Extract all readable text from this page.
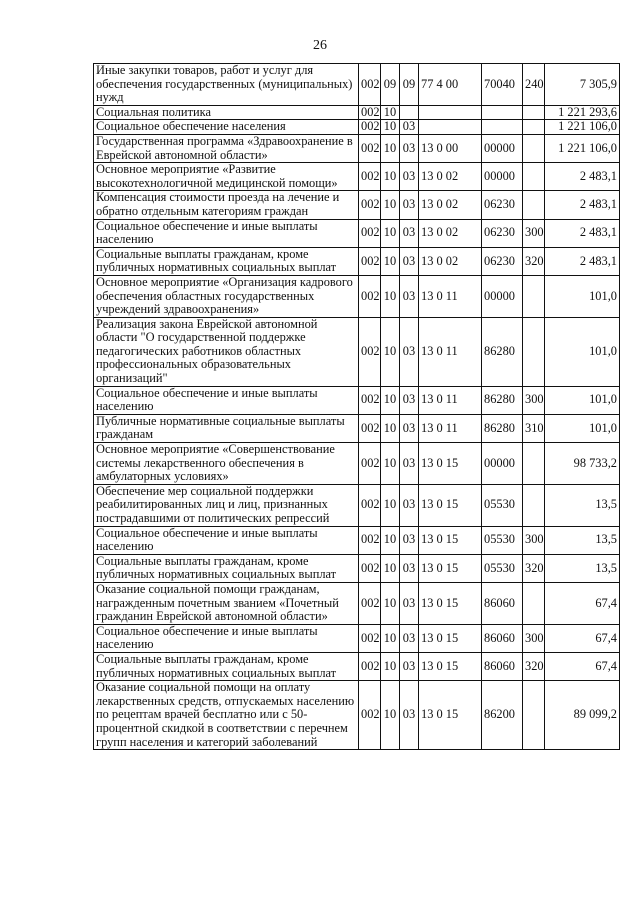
26
Иные закупки товаров, работ и услуг для обеспечения государственных (муниципальных) нужд	002	09	09	77 4 00	70040	240	7 305,9
Социальная политика	002	10					1 221 293,6
Социальное обеспечение населения	002	10	03				1 221 106,0
Государственная программа «Здравоохранение в Еврейской автономной области»	002	10	03	13 0 00	00000		1 221 106,0
Основное мероприятие «Развитие высокотехнологичной медицинской помощи»	002	10	03	13 0 02	00000		2 483,1
Компенсация стоимости проезда на лечение и обратно отдельным категориям граждан	002	10	03	13 0 02	06230		2 483,1
Социальное обеспечение и иные выплаты населению	002	10	03	13 0 02	06230	300	2 483,1
Социальные выплаты гражданам, кроме публичных нормативных социальных выплат	002	10	03	13 0 02	06230	320	2 483,1
Основное мероприятие «Организация кадрового обеспечения областных государственных учреждений здравоохранения»	002	10	03	13 0 11	00000		101,0
Реализация закона Еврейской автономной области "О государственной поддержке педагогических работников областных профессиональных образовательных организаций"	002	10	03	13 0 11	86280		101,0
Социальное обеспечение и иные выплаты населению	002	10	03	13 0 11	86280	300	101,0
Публичные нормативные социальные выплаты гражданам	002	10	03	13 0 11	86280	310	101,0
Основное мероприятие «Совершенствование системы лекарственного обеспечения в амбулаторных условиях»	002	10	03	13 0 15	00000		98 733,2
Обеспечение мер социальной поддержки реабилитированных лиц и лиц, признанных пострадавшими от политических репрессий	002	10	03	13 0 15	05530		13,5
Социальное обеспечение и иные выплаты населению	002	10	03	13 0 15	05530	300	13,5
Социальные выплаты гражданам, кроме публичных нормативных социальных выплат	002	10	03	13 0 15	05530	320	13,5
Оказание социальной помощи гражданам, награжденным почетным званием «Почетный гражданин Еврейской автономной области»	002	10	03	13 0 15	86060		67,4
Социальное обеспечение и иные выплаты населению	002	10	03	13 0 15	86060	300	67,4
Социальные выплаты гражданам, кроме публичных нормативных социальных выплат	002	10	03	13 0 15	86060	320	67,4
Оказание социальной помощи на оплату лекарственных средств, отпускаемых населению по рецептам врачей бесплатно или с 50-процентной скидкой в соответствии с перечнем групп населения и категорий заболеваний	002	10	03	13 0 15	86200		89 099,2
